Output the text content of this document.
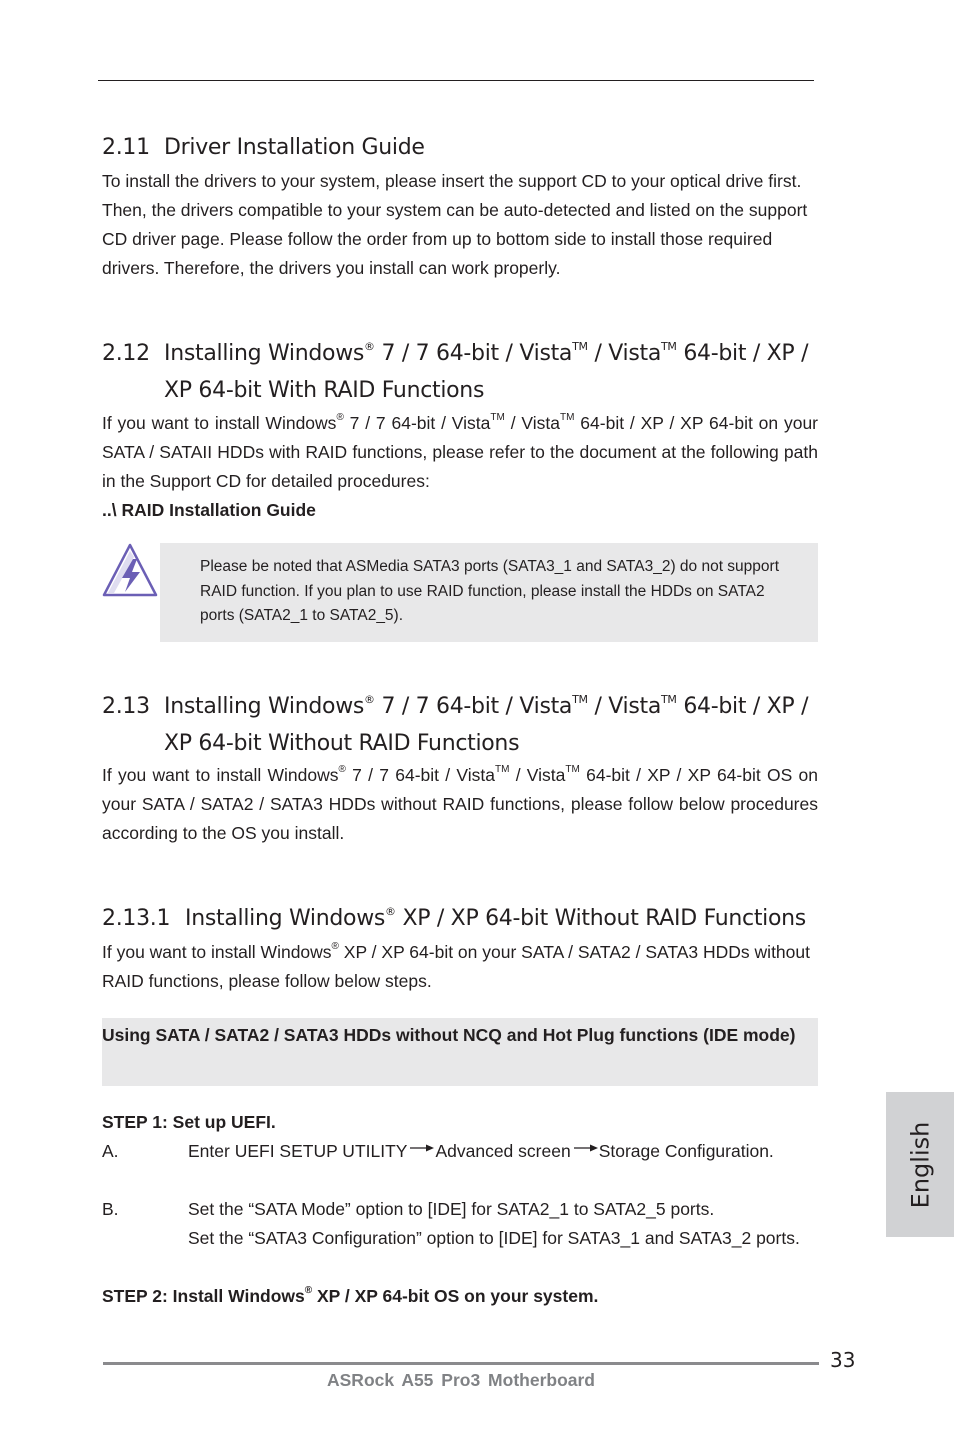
2.11 Driver Installation Guide

To install the drivers to your system, please insert the support CD to your optical drive first. Then, the drivers compatible to your system can be auto-detected and listed on the support CD driver page. Please follow the order from up to bottom side to install those required drivers. Therefore, the drivers you install can work properly.

2.12 Installing Windows® 7 / 7 64-bit / Vista™ / Vista™ 64-bit / XP /
XP 64-bit With RAID Functions

If you want to install Windows® 7 / 7 64-bit / Vista™ / Vista™ 64-bit / XP / XP 64-bit on your SATA / SATAII HDDs with RAID functions, please refer to the document at the following path in the Support CD for detailed procedures:

..\ RAID Installation Guide

Please be noted that ASMedia SATA3 ports (SATA3_1 and SATA3_2) do not support RAID function. If you plan to use RAID function, please install the HDDs on SATA2 ports (SATA2_1 to SATA2_5).

2.13 Installing Windows® 7 / 7 64-bit / Vista™ / Vista™ 64-bit / XP /
XP 64-bit Without RAID Functions

If you want to install Windows® 7 / 7 64-bit / Vista™ / Vista™ 64-bit / XP / XP 64-bit OS on your SATA / SATA2 / SATA3 HDDs without RAID functions, please follow below procedures according to the OS you install.

2.13.1 Installing Windows® XP / XP 64-bit Without RAID Functions

If you want to install Windows® XP / XP 64-bit on your SATA / SATA2 / SATA3 HDDs without RAID functions, please follow below steps.

Using SATA / SATA2 / SATA3 HDDs without NCQ and Hot Plug functions (IDE mode)

STEP 1: Set up UEFI.
A.	Enter UEFI SETUP UTILITY Advanced screen Storage Configuration.
B.	Set the “SATA Mode” option to [IDE] for SATA2_1 to SATA2_5 ports.
Set the “SATA3 Configuration” option to [IDE] for SATA3_1 and SATA3_2 ports.
STEP 2: Install Windows® XP / XP 64-bit OS on your system.
English
33
ASRock A55 Pro3 Motherboard
